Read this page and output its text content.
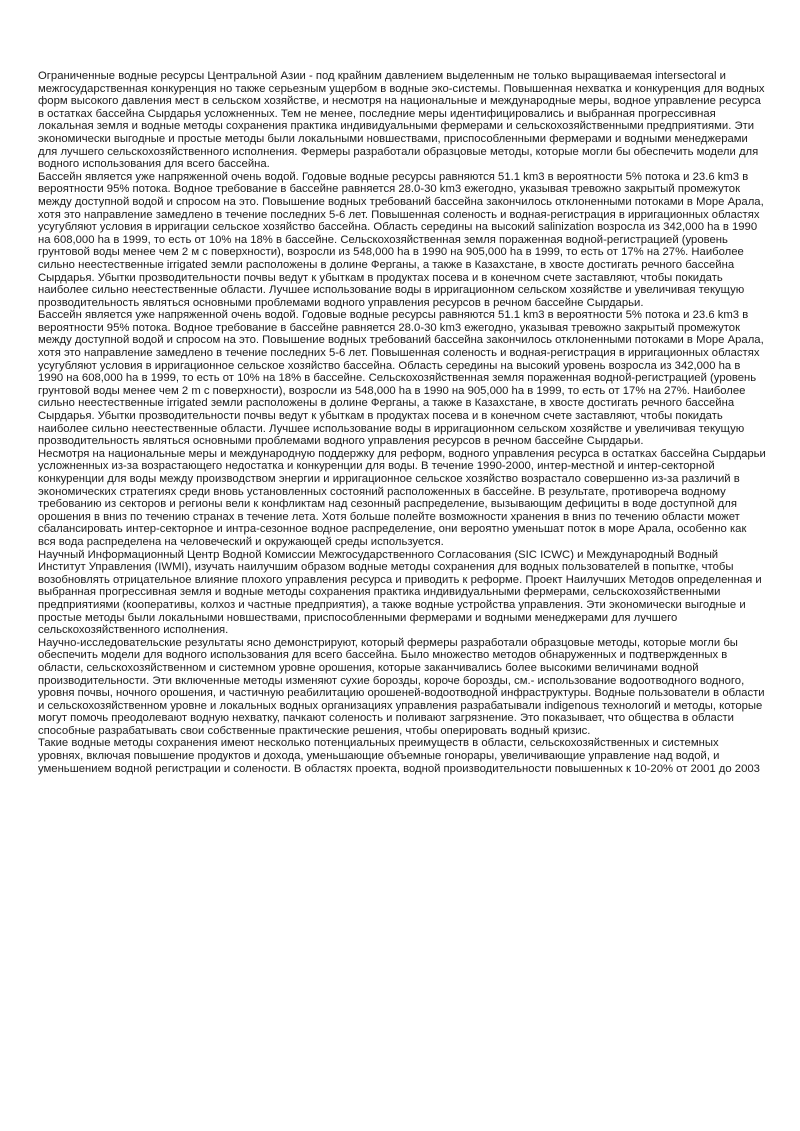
Ограниченные водные ресурсы Центральной Азии - под крайним давлением выделенным не только выращиваемая intersectoral и межгосударственная конкуренция но также серьезным ущербом в водные эко-системы. Повышенная нехватка и конкуренция для водных форм высокого давления мест в сельском хозяйстве, и несмотря на национальные и международные меры, водное управление ресурса в остатках бассейна Сырдарья усложненных. Тем не менее, последние меры идентифицировались и выбранная прогрессивная локальная земля и водные методы сохранения практика индивидуальными фермерами и сельскохозяйственными предприятиями. Эти экономически выгодные и простые методы были локальными новшествами, приспособленными фермерами и водными менеджерами для лучшего сельскохозяйственного исполнения. Фермеры разработали образцовые методы, которые могли бы обеспечить модели для водного использования для всего бассейна.

Бассейн является уже напряженной очень водой. Годовые водные ресурсы равняются 51.1 km3 в вероятности 5% потока и 23.6 km3 в вероятности 95% потока. Водное требование в бассейне равняется 28.0-30 km3 ежегодно, указывая тревожно закрытый промежуток между доступной водой и спросом на это. Повышение водных требований бассейна закончилось отклоненными потоками в Море Арала, хотя это направление замедлено в течение последних 5-6 лет. Повышенная соленость и водная-регистрация в ирригационных областях усугубляют условия в ирригации сельское хозяйство бассейна. Область середины на высокий salinization возросла из 342,000 ha в 1990 на 608,000 ha в 1999, то есть от 10% на 18% в бассейне. Сельскохозяйственная земля пораженная водной-регистрацией (уровень грунтовой воды менее чем 2 м с поверхности), возросли из 548,000 ha в 1990 на 905,000 ha в 1999, то есть от 17% на 27%. Наиболее сильно неестественные irrigated земли расположены в долине Ферганы, а также в Казахстане, в хвосте достигать речного бассейна Сырдарья. Убытки прозводительности почвы ведут к убыткам в продуктах посева и в конечном счете заставляют, чтобы покидать наиболее сильно неестественные области. Лучшее использование воды в ирригационном сельском хозяйстве и увеличивая текущую прозводительность являться основными проблемами водного управления ресурсов в речном бассейне Сырдарьи.

Бассейн является уже напряженной очень водой. Годовые водные ресурсы равняются 51.1 km3 в вероятности 5% потока и 23.6 km3 в вероятности 95% потока. Водное требование в бассейне равняется 28.0-30 km3 ежегодно, указывая тревожно закрытый промежуток между доступной водой и спросом на это. Повышение водных требований бассейна закончилось отклоненными потоками в Море Арала, хотя это направление замедлено в течение последних 5-6 лет. Повышенная соленость и водная-регистрация в ирригационных областях усугубляют условия в ирригационное сельское хозяйство бассейна. Область середины на высокий уровень возросла из 342,000 ha в 1990 на 608,000 ha в 1999, то есть от 10% на 18% в бассейне. Сельскохозяйственная земля пораженная водной-регистрацией (уровень грунтовой воды менее чем 2 m с поверхности), возросли из 548,000 ha в 1990 на 905,000 ha в 1999, то есть от 17% на 27%. Наиболее сильно неестественные irrigated земли расположены в долине Ферганы, а также в Казахстане, в хвосте достигать речного бассейна Сырдарья. Убытки прозводительности почвы ведут к убыткам в продуктах посева и в конечном счете заставляют, чтобы покидать наиболее сильно неестественные области. Лучшее использование воды в ирригационном сельском хозяйстве и увеличивая текущую прозводительность являться основными проблемами водного управления ресурсов в речном бассейне Сырдарьи.

Несмотря на национальные меры и международную поддержку для реформ, водного управления ресурса в остатках бассейна Сырдарьи усложненных из-за возрастающего недостатка и конкуренции для воды. В течение 1990-2000, интер-местной и интер-секторной конкуренции для воды между производством энергии и ирригационное сельское хозяйство возрастало совершенно из-за различий в экономических стратегиях среди вновь установленных состояний расположенных в бассейне. В результате, противореча водному требованию из секторов и регионы вели к конфликтам над сезонный распределение, вызывающим дефициты в воде доступной для орошения в вниз по течению странах в течение лета. Хотя больше полейте возможности хранения в вниз по течению области может сбалансировать интер-секторное и интра-сезонное водное распределение, они вероятно уменьшат поток в море Арала, особенно как вся вода распределена на человеческий и окружающей среды используется.

Научный Информационный Центр Водной Комиссии Межгосударственного Согласования (SIC ICWC) и Международный Водный Институт Управления (IWMI), изучать наилучшим образом водные методы сохранения для водных пользователей в попытке, чтобы возобновлять отрицательное влияние плохого управления ресурса и приводить к реформе. Проект Наилучших Методов определенная и выбранная прогрессивная земля и водные методы сохранения практика индивидуальными фермерами, сельскохозяйственными предприятиями (кооперативы, колхоз и частные предприятия), а также водные устройства управления. Эти экономически выгодные и простые методы были локальными новшествами, приспособленными фермерами и водными менеджерами для лучшего сельскохозяйственного исполнения.

Научно-исследовательские результаты ясно демонстрируют, который фермеры разработали образцовые методы, которые могли бы обеспечить модели для водного использования для всего бассейна. Было множество методов обнаруженных и подтвержденных в области, сельскохозяйственном и системном уровне орошения, которые заканчивались более высокими величинами водной производительности. Эти включенные методы изменяют сухие борозды, короче борозды, см.- использование водоотводного водного, уровня почвы, ночного орошения, и частичную реабилитацию орошеней-водоотводной инфраструктуры. Водные пользователи в области и сельскохозяйственном уровне и локальных водных организациях управления разрабатывали indigenous технологий и методы, которые могут помочь преодолевают водную нехватку, пачкают соленость и поливают загрязнение. Это показывает, что общества в области способные разрабатывать свои собственные практические решения, чтобы оперировать водный кризис.

Такие водные методы сохранения имеют несколько потенциальных преимуществ в области, сельскохозяйственных и системных уровнях, включая повышение продуктов и дохода, уменьшающие объемные гонорары, увеличивающие управление над водой, и уменьшением водной регистрации и солености. В областях проекта, водной производительности повышенных к 10-20% от 2001 до 2003
